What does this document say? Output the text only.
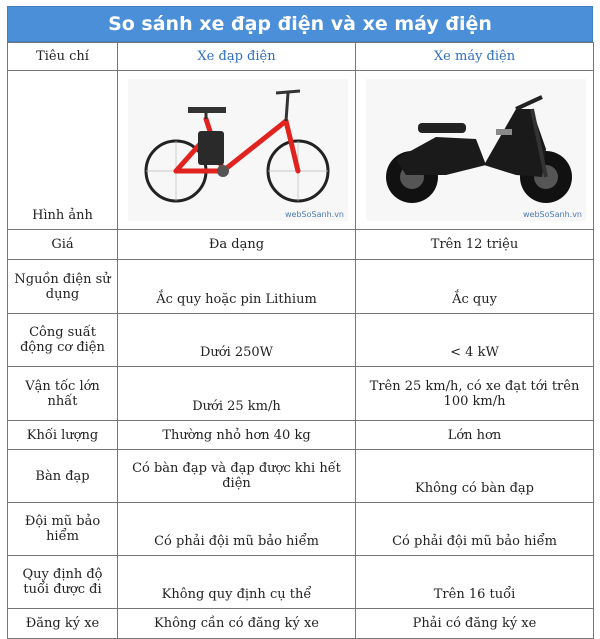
So sánh xe đạp điện và xe máy điện
Tiêu chí	Xe đạp điện	Xe máy điện
Hình ảnh	webSoSanh.vn	webSoSanh.vn

Giá	Đa dạng	Trên 12 triệu
Nguồn điện sử dụng	Ắc quy hoặc pin Lithium	Ắc quy
Công suất động cơ điện	Dưới 250W	< 4 kW
Vận tốc lớn nhất	Dưới 25 km/h	Trên 25 km/h, có xe đạt tới trên 100 km/h
Khối lượng	Thường nhỏ hơn 40 kg	Lớn hơn
Bàn đạp	Có bàn đạp và đạp được khi hết điện	Không có bàn đạp
Đội mũ bảo hiểm	Có phải đội mũ bảo hiểm	Có phải đội mũ bảo hiểm
Quy định độ tuổi được đi	Không quy định cụ thể	Trên 16 tuổi
Đăng ký xe	Không cần có đăng ký xe	Phải có đăng ký xe
